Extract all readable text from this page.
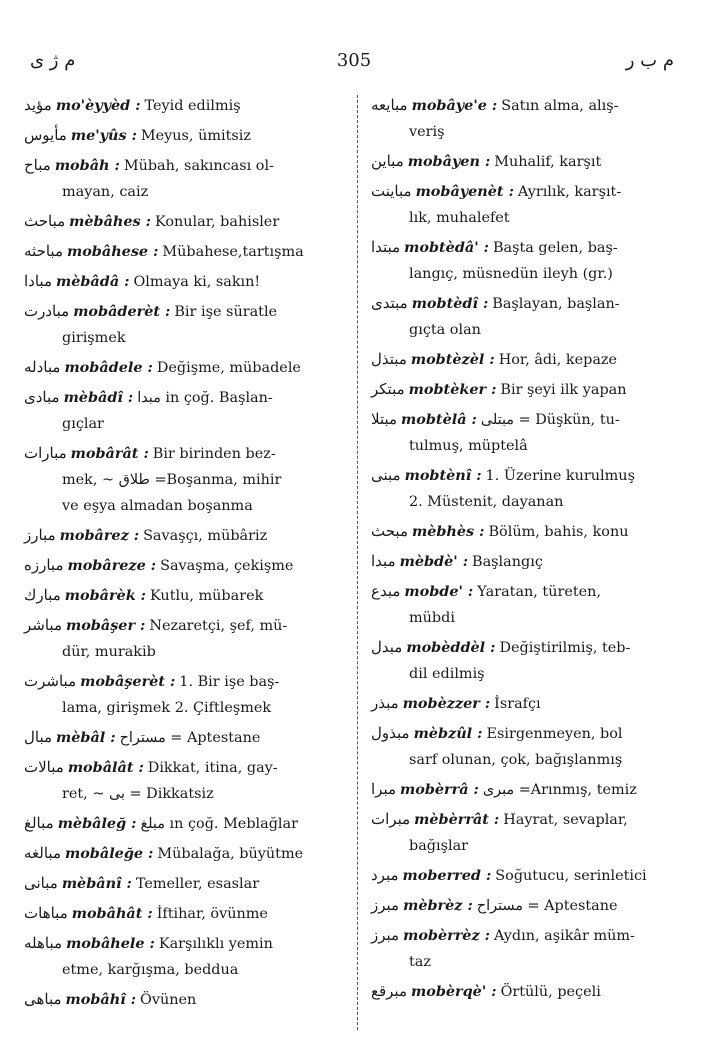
م ژ ى	305	م ب ر
مؤيد mo'èyyèd : Teyid edilmiş
مأيوس me'yûs : Meyus, ümitsiz
مباح mobâh : Mübah, sakıncası ol-
mayan, caiz
مباحث mèbâhes : Konular, bahisler
مباحثه mobâhese : Mübahese,tartışma
مبادا mèbâdâ : Olmaya ki, sakın!
مبادرت mobâderèt : Bir işe süratle
girişmek
مبادله mobâdele : Değişme, mübadele
مبادى mèbâdî : مبدا in çoğ. Başlan-
gıçlar
مبارات mobârât : Bir birinden bez-
mek, ~ طلاق =Boşanma, mihir
ve eşya almadan boşanma
مبارز mobârez : Savaşçı, mübâriz
مبارزه mobâreze : Savaşma, çekişme
مبارك mobârèk : Kutlu, mübarek
مباشر mobâşer : Nezaretçi, şef, mü-
dür, murakib
مباشرت mobâşerèt : 1. Bir işe baş-
lama, girişmek 2. Çiftleşmek
مبال mèbâl : مستراح = Aptestane
مبالات mobâlât : Dikkat, itina, gay-
ret, ~ بى = Dikkatsiz
مبالغ mèbâleğ : مبلغ ın çoğ. Meblağlar
مبالغه mobâleğe : Mübalağa, büyütme
مبانى mèbânî : Temeller, esaslar
مباهات mobâhât : İftihar, övünme
مباهله mobâhele : Karşılıklı yemin
etme, karğışma, beddua
مباهى mobâhî : Övünen
مبايعه mobâye'e : Satın alma, alış-
veriş
مباين mobâyen : Muhalif, karşıt
مباينت mobâyenèt : Ayrılık, karşıt-
lık, muhalefet
مبتدا mobtèdâ' : Başta gelen, baş-
langıç, müsnedün ileyh (gr.)
مبتدى mobtèdî : Başlayan, başlan-
gıçta olan
مبتذل mobtèzèl : Hor, âdi, kepaze
مبتكر mobtèker : Bir şeyi ilk yapan
مبتلا mobtèlâ : مبتلى = Düşkün, tu-
tulmuş, müptelâ
مبنى mobtènî : 1. Üzerine kurulmuş
2. Müstenit, dayanan
مبحث mèbhès : Bölüm, bahis, konu
مبدا mèbdè' : Başlangıç
مبدع mobde' : Yaratan, türeten,
mübdi
مبدل mobèddèl : Değiştirilmiş, teb-
dil edilmiş
مبذر mobèzzer : İsrafçı
مبذول mèbzûl : Esirgenmeyen, bol
sarf olunan, çok, bağışlanmış
مبرا mobèrrâ : مبرى =Arınmış, temiz
مبرات mèbèrrât : Hayrat, sevaplar,
bağışlar
مبرد moberred : Soğutucu, serinletici
مبرز mèbrèz : مستراح = Aptestane
مبرز mobèrrèz : Aydın, aşikâr müm-
taz
مبرقع mobèrqè' : Örtülü, peçeli
